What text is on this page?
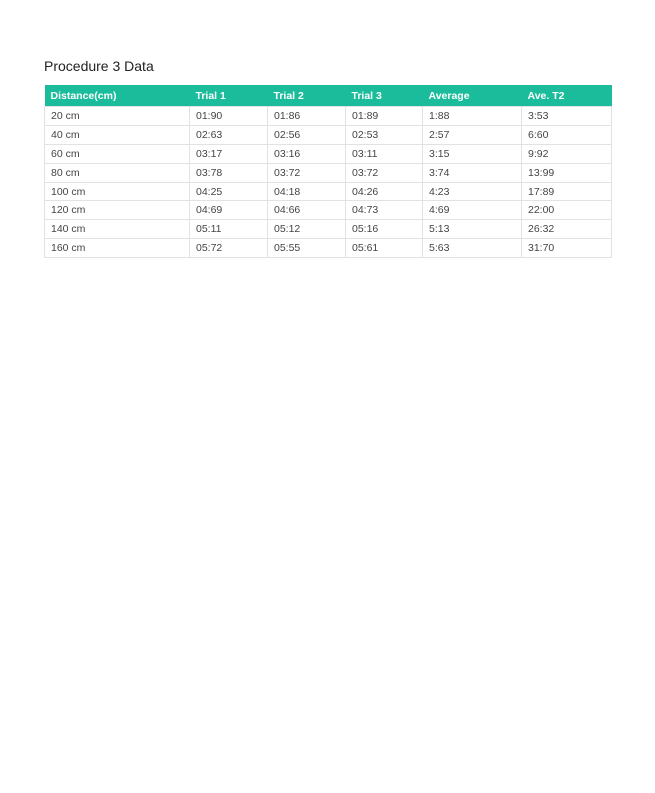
Procedure 3 Data
Distance(cm)	Trial 1	Trial 2	Trial 3	Average	Ave. T2
20 cm	01:90	01:86	01:89	1:88	3:53
40 cm	02:63	02:56	02:53	2:57	6:60
60 cm	03:17	03:16	03:11	3:15	9:92
80 cm	03:78	03:72	03:72	3:74	13:99
100 cm	04:25	04:18	04:26	4:23	17:89
120 cm	04:69	04:66	04:73	4:69	22:00
140 cm	05:11	05:12	05:16	5:13	26:32
160 cm	05:72	05:55	05:61	5:63	31:70
